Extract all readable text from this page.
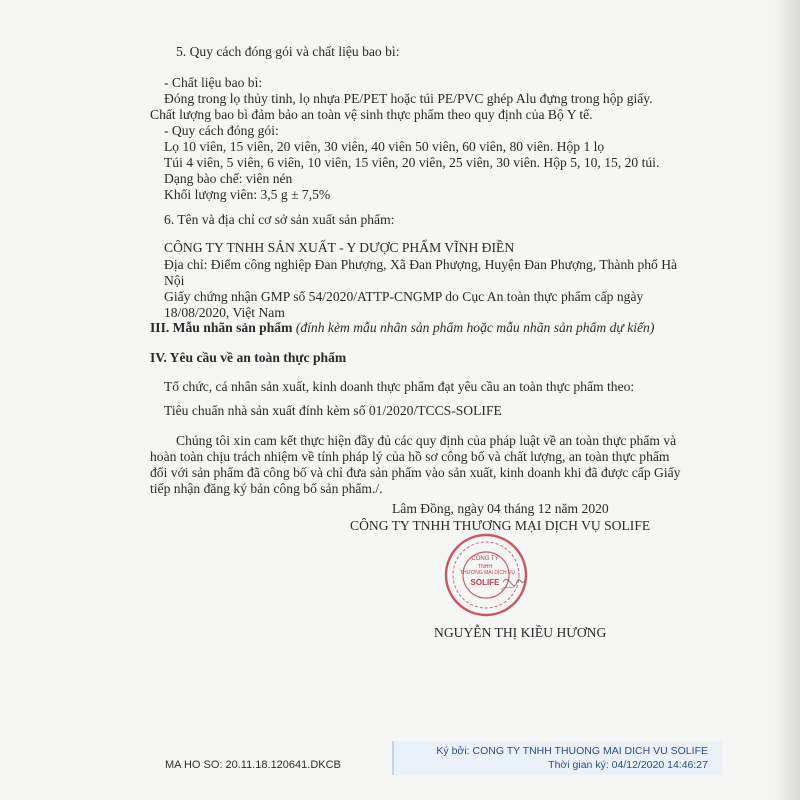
5. Quy cách đóng gói và chất liệu bao bì:
- Chất liệu bao bì:
Đóng trong lọ thủy tinh, lọ nhựa PE/PET hoặc túi PE/PVC ghép Alu đựng trong hộp giấy.
Chất lượng bao bì đảm bảo an toàn vệ sinh thực phẩm theo quy định của Bộ Y tế.
- Quy cách đóng gói:
Lọ 10 viên, 15 viên, 20 viên, 30 viên, 40 viên 50 viên, 60 viên, 80 viên. Hộp 1 lọ
Túi 4 viên, 5 viên, 6 viên, 10 viên, 15 viên, 20 viên, 25 viên, 30 viên. Hộp 5, 10, 15, 20 túi.
Dạng bào chế: viên nén
Khối lượng viên: 3,5 g ± 7,5%
6. Tên và địa chỉ cơ sở sản xuất sản phẩm:
CÔNG TY TNHH SẢN XUẤT - Y DƯỢC PHẨM VĨNH ĐIỀN
Địa chỉ: Điểm công nghiệp Đan Phượng, Xã Đan Phượng, Huyện Đan Phượng, Thành phố Hà
Nội
Giấy chứng nhận GMP số 54/2020/ATTP-CNGMP do Cục An toàn thực phẩm cấp ngày
18/08/2020, Việt Nam
III. Mẫu nhãn sản phẩm (đính kèm mẫu nhãn sản phẩm hoặc mẫu nhãn sản phẩm dự kiến)
IV. Yêu cầu về an toàn thực phẩm
Tổ chức, cá nhân sản xuất, kinh doanh thực phẩm đạt yêu cầu an toàn thực phẩm theo:
Tiêu chuẩn nhà sản xuất đính kèm số 01/2020/TCCS-SOLIFE
Chúng tôi xin cam kết thực hiện đầy đủ các quy định của pháp luật về an toàn thực phẩm và
hoàn toàn chịu trách nhiệm về tính pháp lý của hồ sơ công bố và chất lượng, an toàn thực phẩm
đối với sản phẩm đã công bố và chỉ đưa sản phẩm vào sản xuất, kinh doanh khi đã được cấp Giấy
tiếp nhận đăng ký bản công bố sản phẩm./.
Lâm Đồng, ngày 04 tháng 12 năm 2020
CÔNG TY TNHH THƯƠNG MẠI DỊCH VỤ SOLIFE
CÔNG TY
TNHH
THƯƠNG MẠI DỊCH VỤ
SOLIFE
NGUYỄN THỊ KIỀU HƯƠNG
MA HO SO: 20.11.18.120641.DKCB
Ký bởi: CONG TY TNHH THUONG MAI DICH VU SOLIFE
Thời gian ký: 04/12/2020 14:46:27
